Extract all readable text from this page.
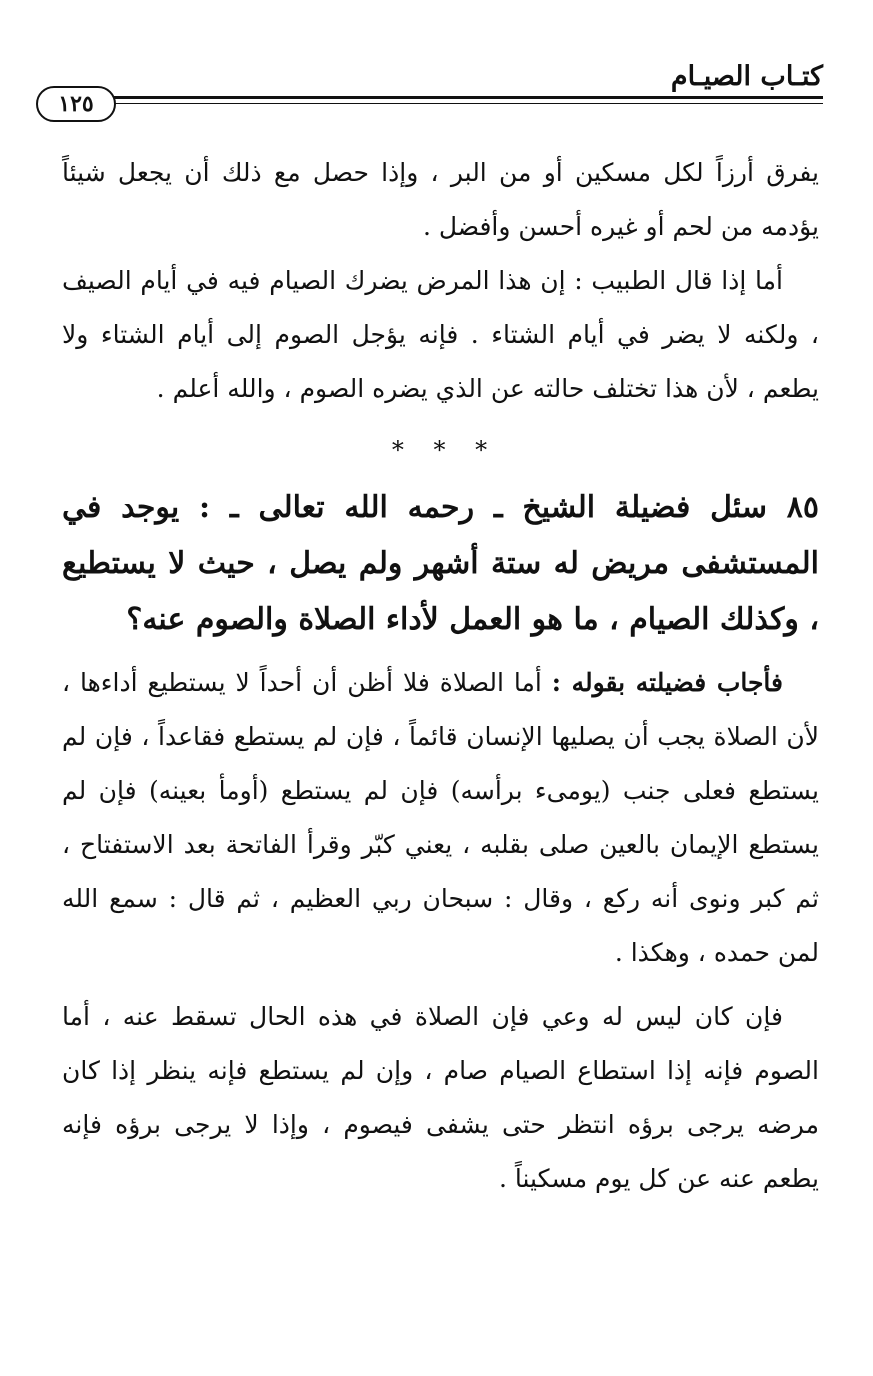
كتـاب الصيـام
١٢٥

يفرق أرزاً لكل مسكين أو من البر ، وإذا حصل مع ذلك أن يجعل شيئاً يؤدمه من لحم أو غيره أحسن وأفضل .

أما إذا قال الطبيب : إن هذا المرض يضرك الصيام فيه في أيام الصيف ، ولكنه لا يضر في أيام الشتاء . فإنه يؤجل الصوم إلى أيام الشتاء ولا يطعم ، لأن هذا تختلف حالته عن الذي يضره الصوم ، والله أعلم .

* * *
٨٥ سئل فضيلة الشيخ ـ رحمه الله تعالى ـ : يوجد في المستشفى مريض له ستة أشهر ولم يصل ، حيث لا يستطيع ، وكذلك الصيام ، ما هو العمل لأداء الصلاة والصوم عنه؟

فأجاب فضيلته بقوله : أما الصلاة فلا أظن أن أحداً لا يستطيع أداءها ، لأن الصلاة يجب أن يصليها الإنسان قائماً ، فإن لم يستطع فقاعداً ، فإن لم يستطع فعلى جنب (يومىء برأسه) فإن لم يستطع (أومأ بعينه) فإن لم يستطع الإيمان بالعين صلى بقلبه ، يعني كبّر وقرأ الفاتحة بعد الاستفتاح ، ثم كبر ونوى أنه ركع ، وقال : سبحان ربي العظيم ، ثم قال : سمع الله لمن حمده ، وهكذا .

فإن كان ليس له وعي فإن الصلاة في هذه الحال تسقط عنه ، أما الصوم فإنه إذا استطاع الصيام صام ، وإن لم يستطع فإنه ينظر إذا كان مرضه يرجى برؤه انتظر حتى يشفى فيصوم ، وإذا لا يرجى برؤه فإنه يطعم عنه عن كل يوم مسكيناً .
